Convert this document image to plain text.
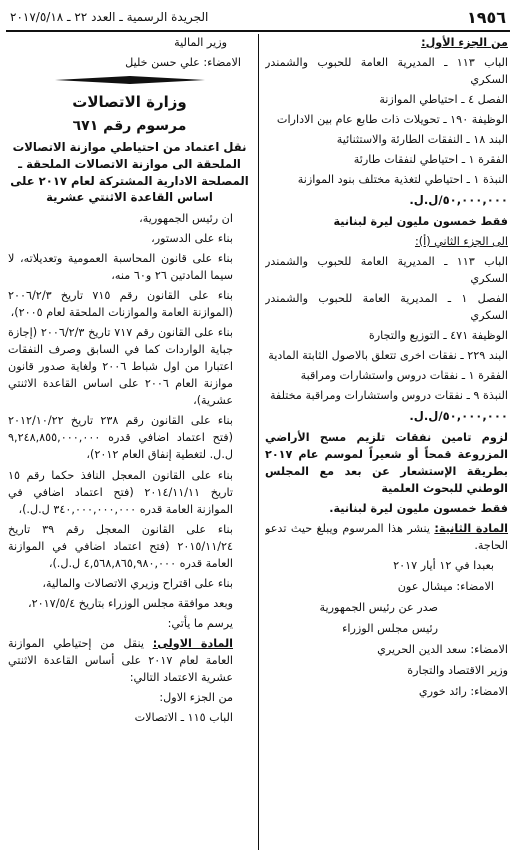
١٩٥٦
الجريدة الرسمية ـ العدد ٢٢ ـ ٢٠١٧/٥/١٨

من الجزء الأول:

الباب ١١٣ ـ المديرية العامة للحبوب والشمندر السكري

الفصل ٤ ـ احتياطي الموازنة

الوظيفة ١٩٠ ـ تحويلات ذات طابع عام بين الادارات

البند ١٨ ـ النفقات الطارئة والاستثنائية

الفقرة ١ ـ احتياطي لنفقات طارئة

النبذة ١ ـ احتياطي لتغذية مختلف بنود الموازنة

٥٠,٠٠٠,٠٠٠/ل.ل.

فقط خمسون مليون ليرة لبنانية

الى الجزء الثاني (أ):

الباب ١١٣ ـ المديرية العامة للحبوب والشمندر السكري

الفصل ١ ـ المديرية العامة للحبوب والشمندر السكري

الوظيفة ٤٧١ ـ التوزيع والتجارة

البند ٢٢٩ ـ نفقات اخرى تتعلق بالاصول الثابتة المادية

الفقرة ١ ـ نفقات دروس واستشارات ومراقبة

النبذة ٩ ـ نفقات دروس واستشارات ومراقبة مختلفة

٥٠,٠٠٠,٠٠٠/ل.ل.

لزوم تامين نفقات تلزيم مسح الأراضي المزروعة قمحاً أو شعيراً لموسم عام ٢٠١٧ بطريقة الإستشعار عن بعد مع المجلس الوطني للبحوث العلمية

فقط خمسون مليون ليرة لبنانية.

المادة الثانية: ينشر هذا المرسوم ويبلغ حيث تدعو الحاجة.

بعبدا في ١٢ أيار ٢٠١٧

الامضاء: ميشال عون

صدر عن رئيس الجمهورية

رئيس مجلس الوزراء

الامضاء: سعد الدين الحريري

وزير الاقتصاد والتجارة

الامضاء: رائد خوري

وزير المالية

الامضاء: علي حسن خليل

وزارة الاتصالات
مرسوم رقم ٦٧١
نقل اعتماد من احتياطي موازنة الاتصالات الملحقة الى موازنة الاتصالات الملحقة ـ المصلحة الادارية المشتركة لعام ٢٠١٧ على اساس القاعدة الاثنتي عشرية

ان رئيس الجمهورية،

بناء على الدستور،

بناء على قانون المحاسبة العمومية وتعديلاته، لا سيما المادتين ٢٦ و٦٠ منه،

بناء على القانون رقم ٧١٥ تاريخ ٢٠٠٦/٢/٣ (الموازنة العامة والموازنات الملحقة لعام ٢٠٠٥)،

بناء على القانون رقم ٧١٧ تاريخ ٢٠٠٦/٢/٣ (إجازة جباية الواردات كما في السابق وصرف النفقات اعتبارا من اول شباط ٢٠٠٦ ولغاية صدور قانون موازنة العام ٢٠٠٦ على اساس القاعدة الاثنتي عشرية)،

بناء على القانون رقم ٢٣٨ تاريخ ٢٠١٢/١٠/٢٢ (فتح اعتماد اضافي قدره ٩,٢٤٨,٨٥٥,٠٠٠,٠٠٠ ل.ل. لتغطية إنفاق العام ٢٠١٢)،

بناء على القانون المعجل النافذ حكما رقم ١٥ تاريخ ٢٠١٤/١١/١١ (فتح اعتماد اضافي في الموازنة العامة قدره ٣٤٠,٠٠٠,٠٠٠,٠٠٠ ل.ل.)،

بناء على القانون المعجل رقم ٣٩ تاريخ ٢٠١٥/١١/٢٤ (فتح اعتماد اضافي في الموازنة العامة قدره ٤,٥٦٨,٨٦٥,٩٨٠,٠٠٠ ل.ل.)،

بناء على اقتراح وزيري الاتصالات والمالية،

وبعد موافقة مجلس الوزراء بتاريخ ٢٠١٧/٥/٤،

يرسم ما يأتي:

المادة الاولى: ينقل من إحتياطي الموازنة العامة لعام ٢٠١٧ على أساس القاعدة الاثنتي عشرية الاعتماد التالي:

من الجزء الاول:

الباب ١١٥ ـ الاتصالات
